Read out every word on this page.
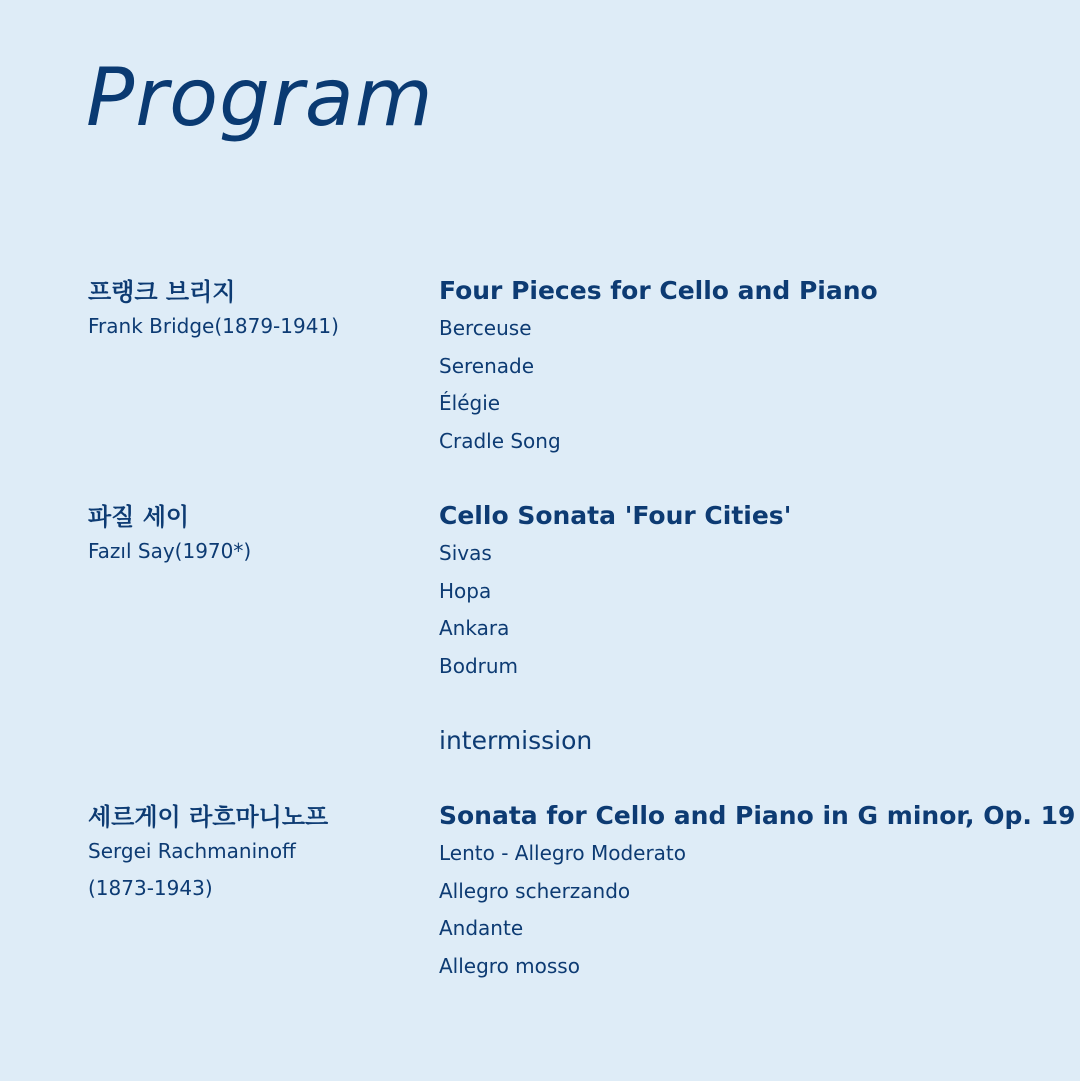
Program
프랭크 브리지
Frank Bridge(1879-1941)
Four Pieces for Cello and Piano
Berceuse
Serenade
Élégie
Cradle Song
파질 세이
Fazıl Say(1970*)
Cello Sonata 'Four Cities'
Sivas
Hopa
Ankara
Bodrum
intermission
세르게이 라흐마니노프
Sergei Rachmaninoff
(1873-1943)
Sonata for Cello and Piano in G minor, Op. 19
Lento - Allegro Moderato
Allegro scherzando
Andante
Allegro mosso
